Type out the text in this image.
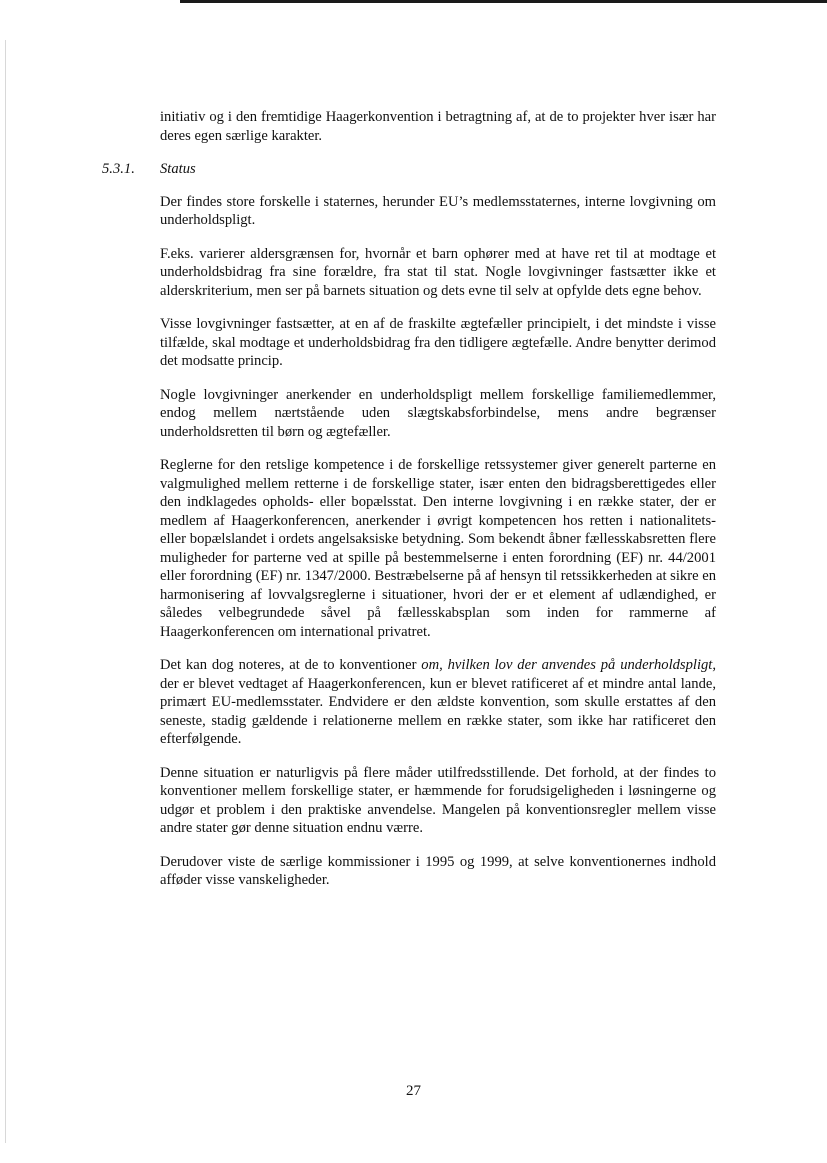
initiativ og i den fremtidige Haagerkonvention i betragtning af, at de to projekter hver især har deres egen særlige karakter.

5.3.1. Status

Der findes store forskelle i staternes, herunder EU’s medlemsstaternes, interne lovgivning om underholdspligt.

F.eks. varierer aldersgrænsen for, hvornår et barn ophører med at have ret til at modtage et underholdsbidrag fra sine forældre, fra stat til stat. Nogle lovgivninger fastsætter ikke et alderskriterium, men ser på barnets situation og dets evne til selv at opfylde dets egne behov.

Visse lovgivninger fastsætter, at en af de fraskilte ægtefæller principielt, i det mindste i visse tilfælde, skal modtage et underholdsbidrag fra den tidligere ægtefælle. Andre benytter derimod det modsatte princip.

Nogle lovgivninger anerkender en underholdspligt mellem forskellige familiemedlemmer, endog mellem nærtstående uden slægtskabsforbindelse, mens andre begrænser underholdsretten til børn og ægtefæller.

Reglerne for den retslige kompetence i de forskellige retssystemer giver generelt parterne en valgmulighed mellem retterne i de forskellige stater, især enten den bidragsberettigedes eller den indklagedes opholds- eller bopælsstat. Den interne lovgivning i en række stater, der er medlem af Haagerkonferencen, anerkender i øvrigt kompetencen hos retten i nationalitets- eller bopælslandet i ordets angelsaksiske betydning. Som bekendt åbner fællesskabsretten flere muligheder for parterne ved at spille på bestemmelserne i enten forordning (EF) nr. 44/2001 eller forordning (EF) nr. 1347/2000. Bestræbelserne på af hensyn til retssikkerheden at sikre en harmonisering af lovvalgsreglerne i situationer, hvori der er et element af udlændighed, er således velbegrundede såvel på fællesskabsplan som inden for rammerne af Haagerkonferencen om international privatret.

Det kan dog noteres, at de to konventioner om, hvilken lov der anvendes på underholdspligt, der er blevet vedtaget af Haagerkonferencen, kun er blevet ratificeret af et mindre antal lande, primært EU-medlemsstater. Endvidere er den ældste konvention, som skulle erstattes af den seneste, stadig gældende i relationerne mellem en række stater, som ikke har ratificeret den efterfølgende.

Denne situation er naturligvis på flere måder utilfredsstillende. Det forhold, at der findes to konventioner mellem forskellige stater, er hæmmende for forudsigeligheden i løsningerne og udgør et problem i den praktiske anvendelse. Mangelen på konventionsregler mellem visse andre stater gør denne situation endnu værre.

Derudover viste de særlige kommissioner i 1995 og 1999, at selve konventionernes indhold afføder visse vanskeligheder.

27
